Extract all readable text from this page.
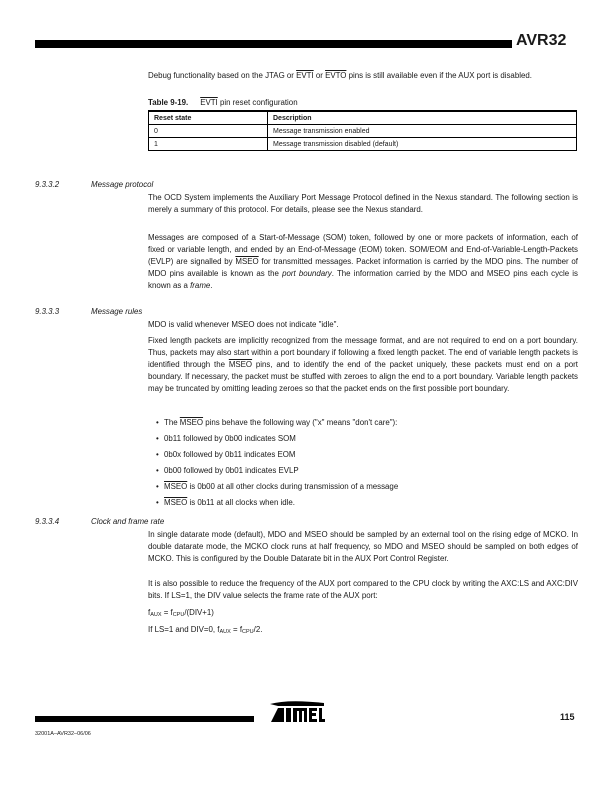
AVR32
Debug functionality based on the JTAG or EVTI or EVTO pins is still available even if the AUX port is disabled.
Table 9-19. EVTI pin reset configuration
Reset state	Description
0	Message transmission enabled
1	Message transmission disabled (default)
9.3.3.2	Message protocol
The OCD System implements the Auxiliary Port Message Protocol defined in the Nexus standard. The following section is merely a summary of this protocol. For details, please see the Nexus standard.
Messages are composed of a Start-of-Message (SOM) token, followed by one or more packets of information, each of fixed or variable length, and ended by an End-of-Message (EOM) token. SOM/EOM and End-of-Variable-Length-Packets (EVLP) are signalled by MSEO for transmitted messages. Packet information is carried by the MDO pins. The number of MDO pins available is known as the port boundary. The information carried by the MDO and MSEO pins each cycle is known as a frame.
9.3.3.3	Message rules
MDO is valid whenever MSEO does not indicate "idle".
Fixed length packets are implicitly recognized from the message format, and are not required to end on a port boundary. Thus, packets may also start within a port boundary if following a fixed length packet. The end of variable length packets is identified through the MSEO pins, and to identify the end of the packet uniquely, these packets must end on a port boundary. If necessary, the packet must be stuffed with zeroes to align the end to a port boundary. Variable length packets may be truncated by omitting leading zeroes so that the packet ends on the first possible port boundary.
• The MSEO pins behave the following way ("x" means "don't care"):
• 0b11 followed by 0b00 indicates SOM
• 0b0x followed by 0b11 indicates EOM
• 0b00 followed by 0b01 indicates EVLP
• MSEO is 0b00 at all other clocks during transmission of a message
• MSEO is 0b11 at all clocks when idle.
9.3.3.4	Clock and frame rate
In single datarate mode (default), MDO and MSEO should be sampled by an external tool on the rising edge of MCKO. In double datarate mode, the MCKO clock runs at half frequency, so MDO and MSEO should be sampled on both edges of MCKO. This is configured by the Double Datarate bit in the AUX Port Control Register.
It is also possible to reduce the frequency of the AUX port compared to the CPU clock by writing the AXC:LS and AXC:DIV bits. If LS=1, the DIV value selects the frame rate of the AUX port:
$f_{AUX} = f_{CPU}/(DIV+1)$
If LS=1 and DIV=0, $f_{AUX} = f_{CPU}/2$.
115
32001A–AVR32–06/06
